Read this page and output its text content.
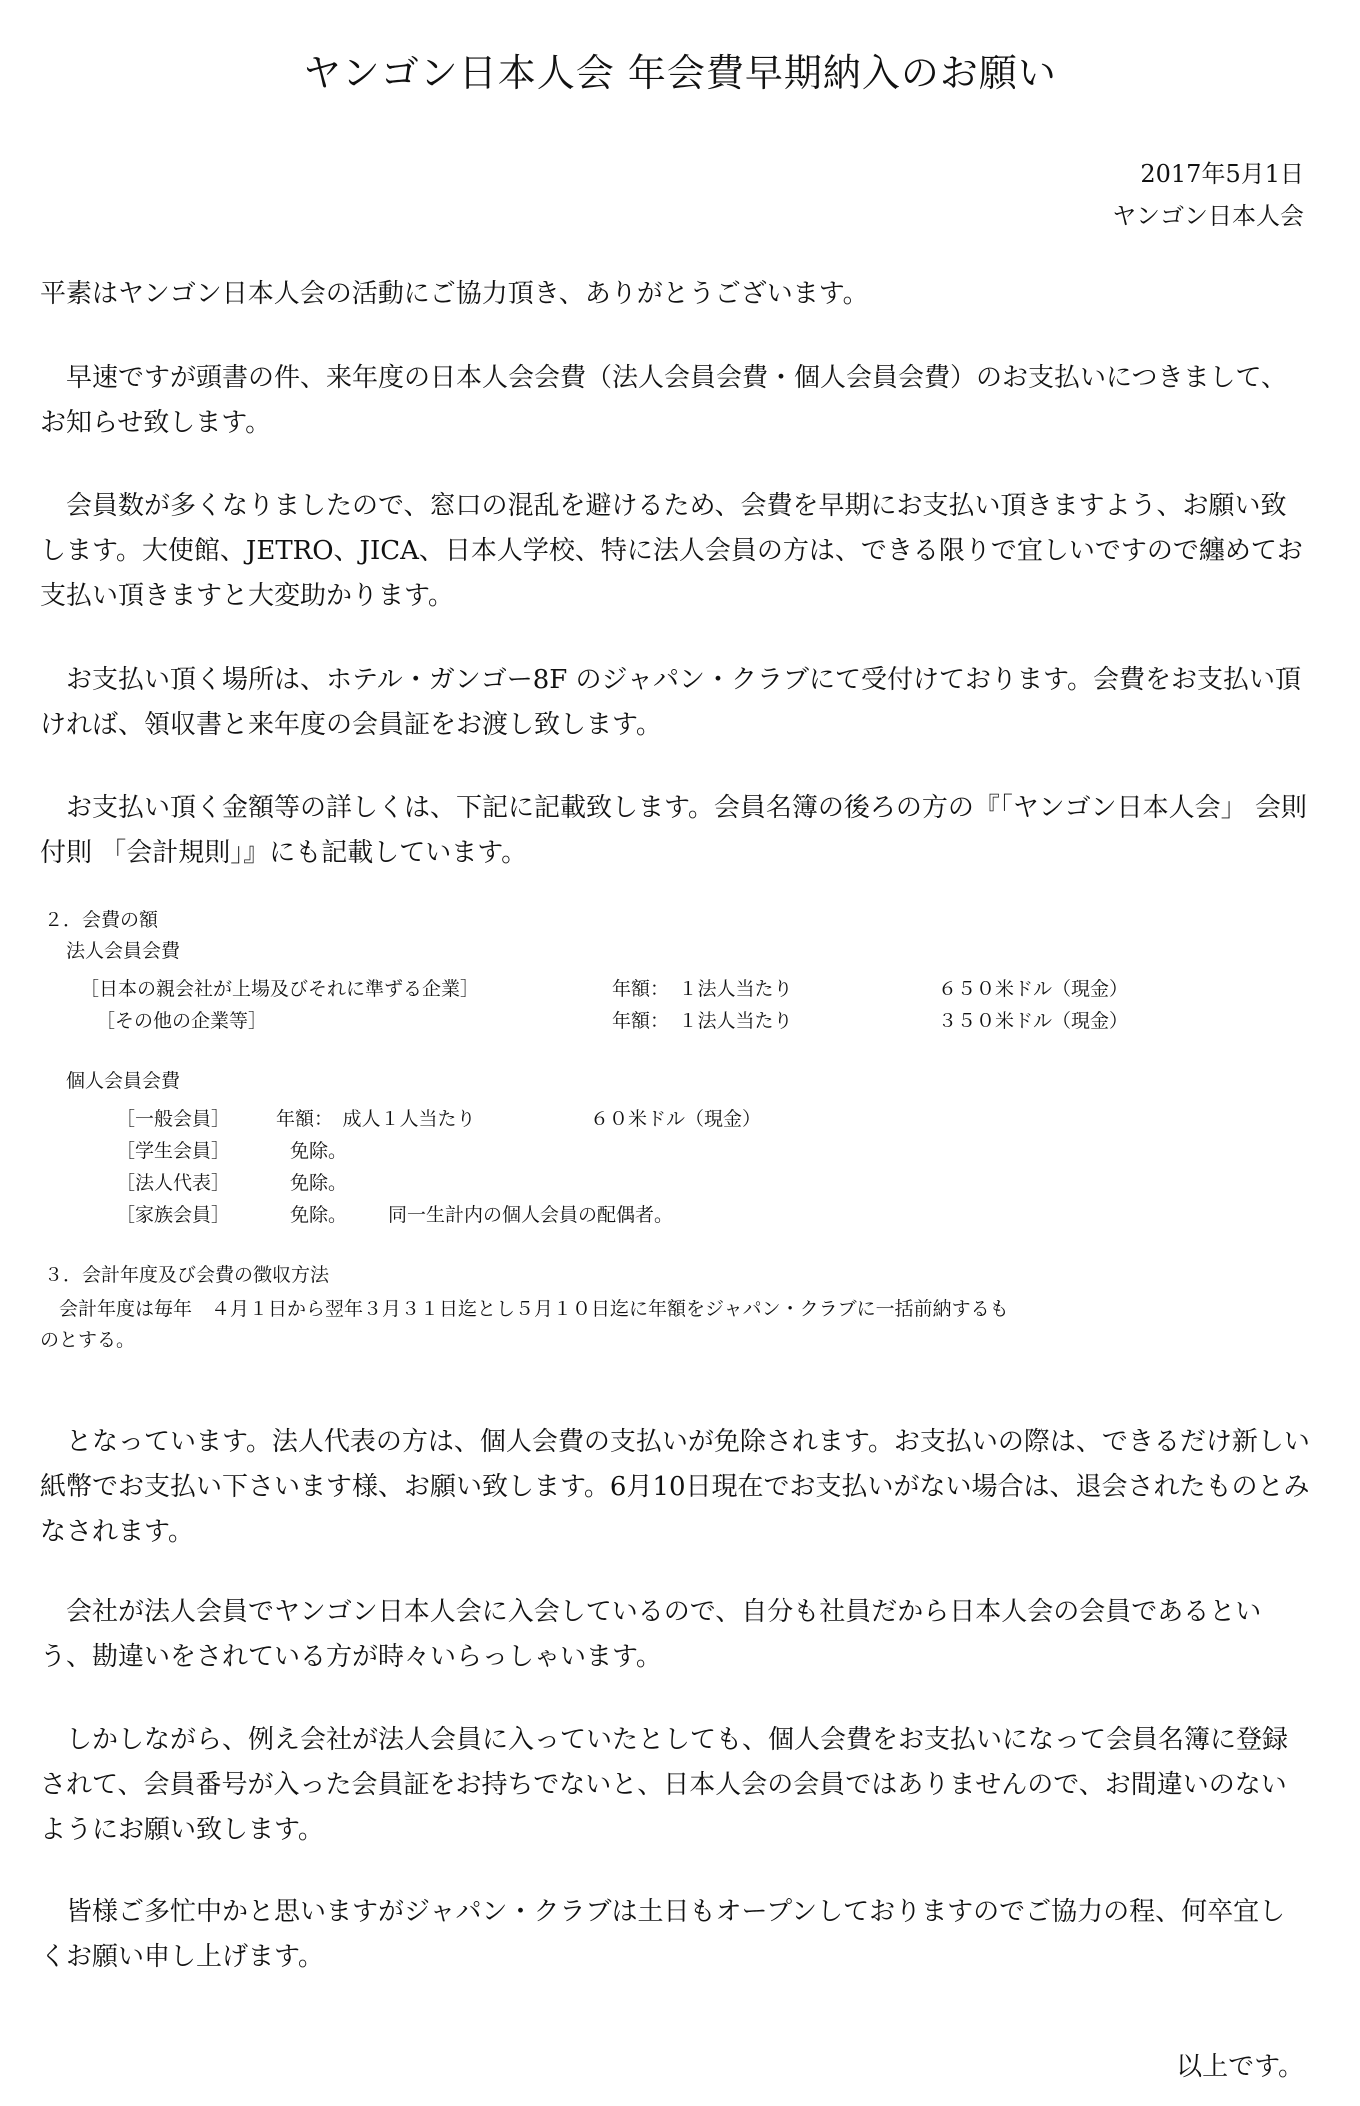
ヤンゴン日本人会 年会費早期納入のお願い
2017年5月1日
ヤンゴン日本人会
平素はヤンゴン日本人会の活動にご協力頂き、ありがとうございます。
　早速ですが頭書の件、来年度の日本人会会費（法人会員会費・個人会員会費）のお支払いにつきまして、お知らせ致します。
　会員数が多くなりましたので、窓口の混乱を避けるため、会費を早期にお支払い頂きますよう、お願い致します。大使館、JETRO、JICA、日本人学校、特に法人会員の方は、できる限りで宜しいですので纏めてお支払い頂きますと大変助かります。
　お支払い頂く場所は、ホテル・ガンゴー8F のジャパン・クラブにて受付けております。会費をお支払い頂ければ、領収書と来年度の会員証をお渡し致します。
　お支払い頂く金額等の詳しくは、下記に記載致します。会員名簿の後ろの方の『「ヤンゴン日本人会」 会則付則 「会計規則」』にも記載しています。
２．会費の額
法人会員会費
［日本の親会社が上場及びそれに準ずる企業］	年額：　１法人当たり	６５０米ドル（現金）
［その他の企業等］	年額：　１法人当たり	３５０米ドル（現金）
個人会員会費
［一般会員］ 年額：　成人１人当たり	６０米ドル（現金）
［学生会員］	免除。
［法人代表］	免除。
［家族会員］	免除。 同一生計内の個人会員の配偶者。
３．会計年度及び会費の徴収方法
　会計年度は毎年　４月１日から翌年３月３１日迄とし５月１０日迄に年額をジャパン・クラブに一括前納するも
のとする。
　となっています。法人代表の方は、個人会費の支払いが免除されます。お支払いの際は、できるだけ新しい紙幣でお支払い下さいます様、お願い致します。6月10日現在でお支払いがない場合は、退会されたものとみなされます。
　会社が法人会員でヤンゴン日本人会に入会しているので、自分も社員だから日本人会の会員であるという、勘違いをされている方が時々いらっしゃいます。
　しかしながら、例え会社が法人会員に入っていたとしても、個人会費をお支払いになって会員名簿に登録されて、会員番号が入った会員証をお持ちでないと、日本人会の会員ではありませんので、お間違いのないようにお願い致します。
　皆様ご多忙中かと思いますがジャパン・クラブは土日もオープンしておりますのでご協力の程、何卒宜しくお願い申し上げます。
以上です。
